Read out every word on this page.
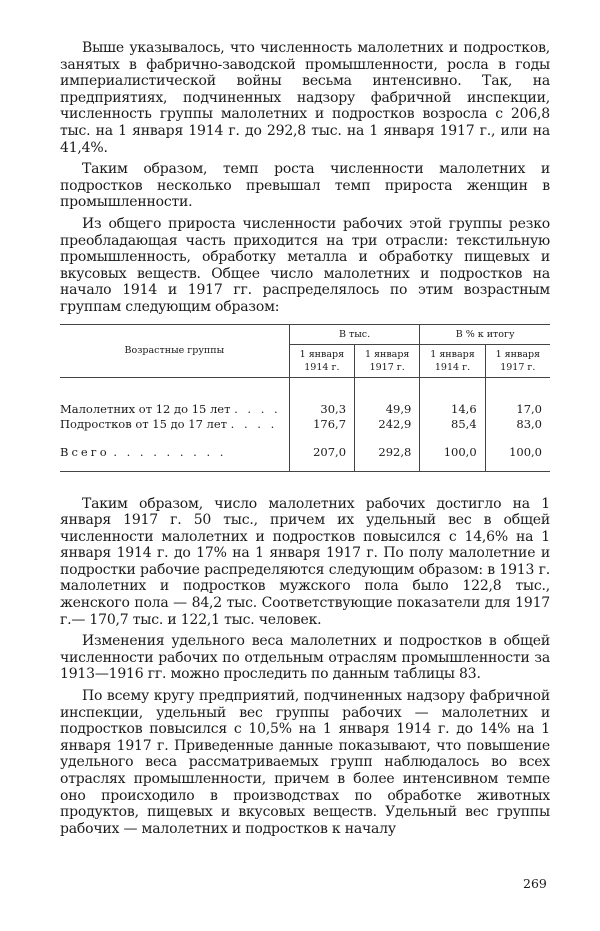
Выше указывалось, что численность малолетних и подростков, занятых в фабрично-заводской промышленности, росла в годы империалистической войны весьма интенсивно. Так, на предприятиях, подчиненных надзору фабричной инспекции, численность группы малолетних и подростков возросла с 206,8 тыс. на 1 января 1914 г. до 292,8 тыс. на 1 января 1917 г., или на 41,4%.

Таким образом, темп роста численности малолетних и подростков несколько превышал темп прироста женщин в промышленности.

Из общего прироста численности рабочих этой группы резко преобладающая часть приходится на три отрасли: текстильную промышленность, обработку металла и обработку пищевых и вкусовых веществ. Общее число малолетних и подростков на начало 1914 и 1917 гг. распределялось по этим возрастным группам следующим образом:

Возрастные группы	В тыс.		В % к итогу	
	1 января 1914 г.	1 января 1917 г.	1 января 1914 г.	1 января 1917 г.

Малолетних от 12 до 15 лет . . . .	30,3	49,9	14,6	17,0
Подростков от 15 до 17 лет . . . .	176,7	242,9	85,4	83,0
Всего . . . . . . . . .	207,0	292,8	100,0	100,0

Таким образом, число малолетних рабочих достигло на 1 января 1917 г. 50 тыс., причем их удельный вес в общей численности малолетних и подростков повысился с 14,6% на 1 января 1914 г. до 17% на 1 января 1917 г. По полу малолетние и подростки рабочие распределяются следующим образом: в 1913 г. малолетних и подростков мужского пола было 122,8 тыс., женского пола — 84,2 тыс. Соответствующие показатели для 1917 г.— 170,7 тыс. и 122,1 тыс. человек.

Изменения удельного веса малолетних и подростков в общей численности рабочих по отдельным отраслям промышленности за 1913—1916 гг. можно проследить по данным таблицы 83.

По всему кругу предприятий, подчиненных надзору фабричной инспекции, удельный вес группы рабочих — малолетних и подростков повысился с 10,5% на 1 января 1914 г. до 14% на 1 января 1917 г. Приведенные данные показывают, что повышение удельного веса рассматриваемых групп наблюдалось во всех отраслях промышленности, причем в более интенсивном темпе оно происходило в производствах по обработке животных продуктов, пищевых и вкусовых веществ. Удельный вес группы рабочих — малолетних и подростков к началу

269
